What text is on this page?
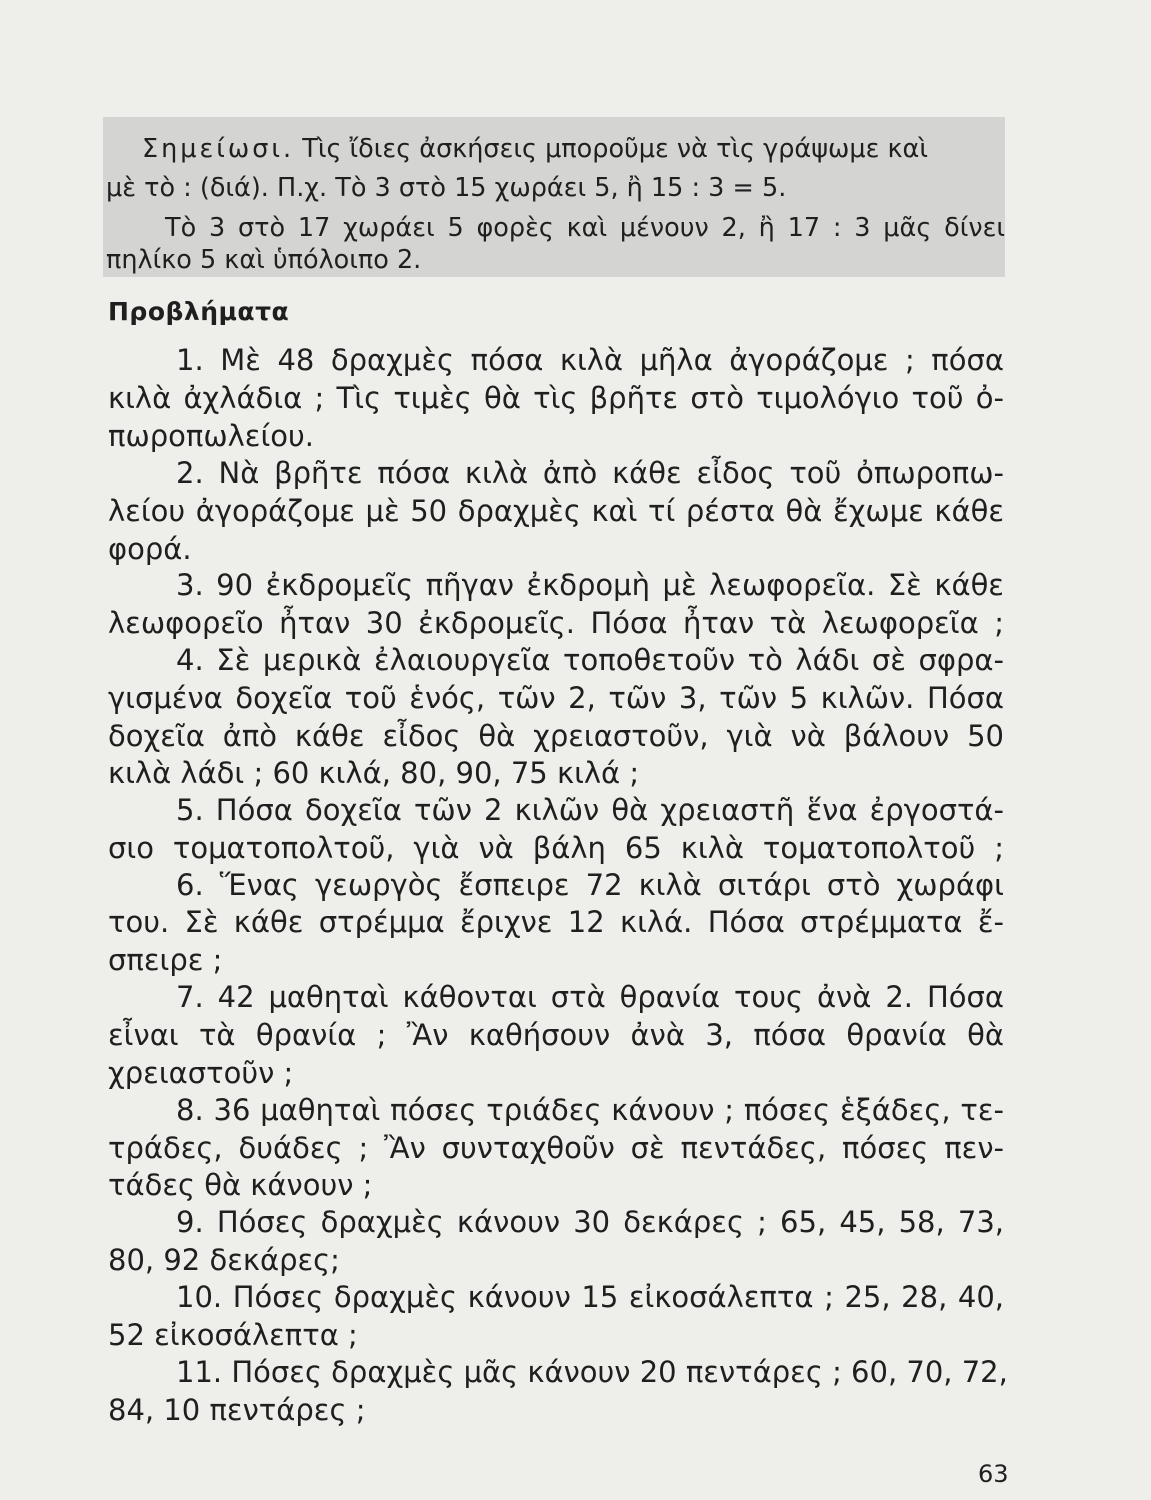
Σημείωσι. Τὶς ἴδιες ἀσκήσεις μποροῦμε νὰ τὶς γράψωμε καὶ
μὲ τὸ : (διά). Π.χ. Τὸ 3 στὸ 15 χωράει 5, ἢ 15 : 3 = 5.
Τὸ 3 στὸ 17 χωράει 5 φορὲς καὶ μένουν 2, ἢ 17 : 3 μᾶς δίνει
πηλίκο 5 καὶ ὑπόλοιπο 2.
Προβλήματα
1. Μὲ 48 δραχμὲς πόσα κιλὰ μῆλα ἀγοράζομε ; πόσα
κιλὰ ἀχλάδια ; Τὶς τιμὲς θὰ τὶς βρῆτε στὸ τιμολόγιο τοῦ ὀ-
πωροπωλείου.
2. Νὰ βρῆτε πόσα κιλὰ ἀπὸ κάθε εἶδος τοῦ ὀπωροπω-
λείου ἀγοράζομε μὲ 50 δραχμὲς καὶ τί ρέστα θὰ ἔχωμε κάθε
φορά.
3. 90 ἐκδρομεῖς πῆγαν ἐκδρομὴ μὲ λεωφορεῖα. Σὲ κάθε
λεωφορεῖο ἦταν 30 ἐκδρομεῖς. Πόσα ἦταν τὰ λεωφορεῖα ;
4. Σὲ μερικὰ ἐλαιουργεῖα τοποθετοῦν τὸ λάδι σὲ σφρα-
γισμένα δοχεῖα τοῦ ἑνός, τῶν 2, τῶν 3, τῶν 5 κιλῶν. Πόσα
δοχεῖα ἀπὸ κάθε εἶδος θὰ χρειαστοῦν, γιὰ νὰ βάλουν 50
κιλὰ λάδι ; 60 κιλά, 80, 90, 75 κιλά ;
5. Πόσα δοχεῖα τῶν 2 κιλῶν θὰ χρειαστῆ ἕνα ἐργοστά-
σιο τοματοπολτοῦ, γιὰ νὰ βάλη 65 κιλὰ τοματοπολτοῦ ;
6. Ἕνας γεωργὸς ἔσπειρε 72 κιλὰ σιτάρι στὸ χωράφι
του. Σὲ κάθε στρέμμα ἔριχνε 12 κιλά. Πόσα στρέμματα ἔ-
σπειρε ;
7. 42 μαθηταὶ κάθονται στὰ θρανία τους ἀνὰ 2. Πόσα
εἶναι τὰ θρανία ; Ἂν καθήσουν ἀνὰ 3, πόσα θρανία θὰ
χρειαστοῦν ;
8. 36 μαθηταὶ πόσες τριάδες κάνουν ; πόσες ἑξάδες, τε-
τράδες, δυάδες ; Ἂν συνταχθοῦν σὲ πεντάδες, πόσες πεν-
τάδες θὰ κάνουν ;
9. Πόσες δραχμὲς κάνουν 30 δεκάρες ; 65, 45, 58, 73,
80, 92 δεκάρες;
10. Πόσες δραχμὲς κάνουν 15 εἰκοσάλεπτα ; 25, 28, 40,
52 εἰκοσάλεπτα ;
11. Πόσες δραχμὲς μᾶς κάνουν 20 πεντάρες ; 60, 70, 72,
84, 10 πεντάρες ;
63
